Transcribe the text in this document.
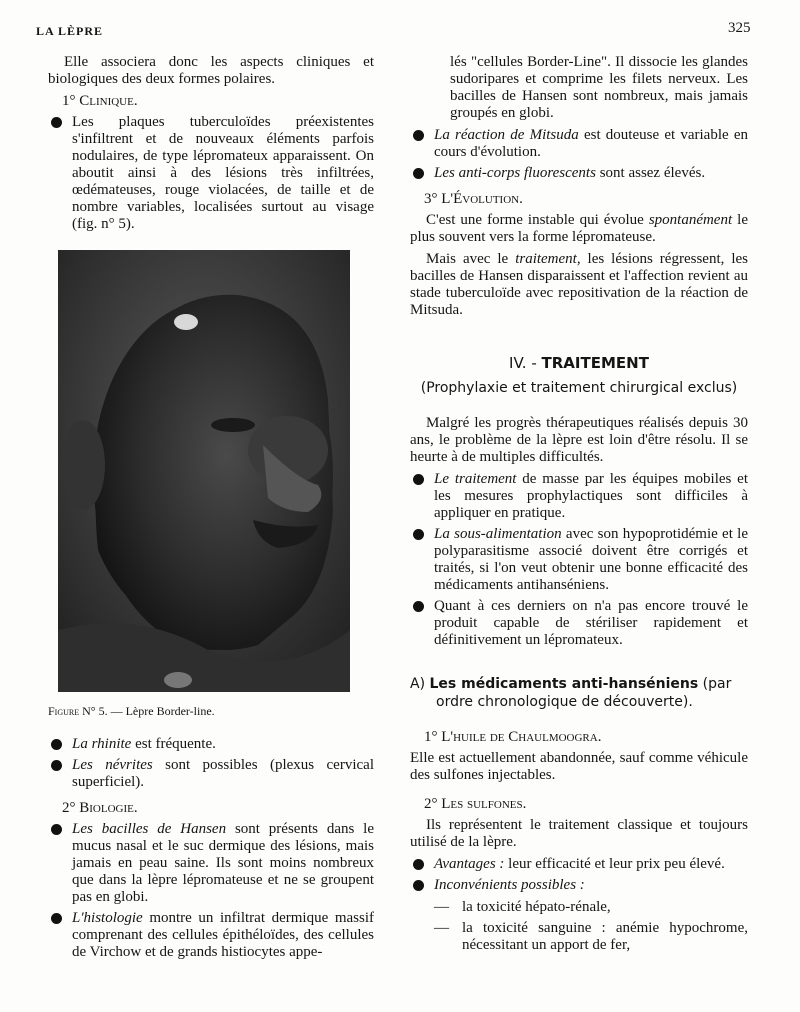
LA LÈPRE	325

Elle associera donc les aspects cliniques et biologiques des deux formes polaires.

1° Clinique.
Les plaques tuberculoïdes préexistentes s'infiltrent et de nouveaux éléments parfois nodulaires, de type lépromateux apparaissent. On aboutit ainsi à des lésions très infiltrées, œdémateuses, rouge violacées, de taille et de nombre variables, localisées surtout au visage (fig. n° 5).
Figure N° 5. — Lèpre Border-line.
La rhinite est fréquente.
Les névrites sont possibles (plexus cervical superficiel).
2° Biologie.
Les bacilles de Hansen sont présents dans le mucus nasal et le suc dermique des lésions, mais jamais en peau saine. Ils sont moins nombreux que dans la lèpre lépromateuse et ne se groupent pas en globi.
L'histologie montre un infiltrat dermique massif comprenant des cellules épithéloïdes, des cellules de Virchow et de grands histiocytes appe-

lés "cellules Border-Line". Il dissocie les glandes sudoripares et comprime les filets nerveux. Les bacilles de Hansen sont nombreux, mais jamais groupés en globi.

La réaction de Mitsuda est douteuse et variable en cours d'évolution.
Les anti-corps fluorescents sont assez élevés.
3° L'Évolution.

C'est une forme instable qui évolue spontanément le plus souvent vers la forme lépromateuse.

Mais avec le traitement, les lésions régressent, les bacilles de Hansen disparaissent et l'affection revient au stade tuberculoïde avec repositivation de la réaction de Mitsuda.

IV. - TRAITEMENT
(Prophylaxie et traitement chirurgical exclus)

Malgré les progrès thérapeutiques réalisés depuis 30 ans, le problème de la lèpre est loin d'être résolu. Il se heurte à de multiples difficultés.

Le traitement de masse par les équipes mobiles et les mesures prophylactiques sont difficiles à appliquer en pratique.
La sous-alimentation avec son hypoprotidémie et le polyparasitisme associé doivent être corrigés et traités, si l'on veut obtenir une bonne efficacité des médicaments antihanséniens.
Quant à ces derniers on n'a pas encore trouvé le produit capable de stériliser rapidement et définitivement un lépromateux.
A) Les médicaments anti-hanséniens (par ordre chronologique de découverte).
1° L'huile de Chaulmoogra.

Elle est actuellement abandonnée, sauf comme véhicule des sulfones injectables.

2° Les sulfones.

Ils représentent le traitement classique et toujours utilisé de la lèpre.

Avantages : leur efficacité et leur prix peu élevé.
Inconvénients possibles :
— la toxicité hépato-rénale,
— la toxicité sanguine : anémie hypochrome, nécessitant un apport de fer,
